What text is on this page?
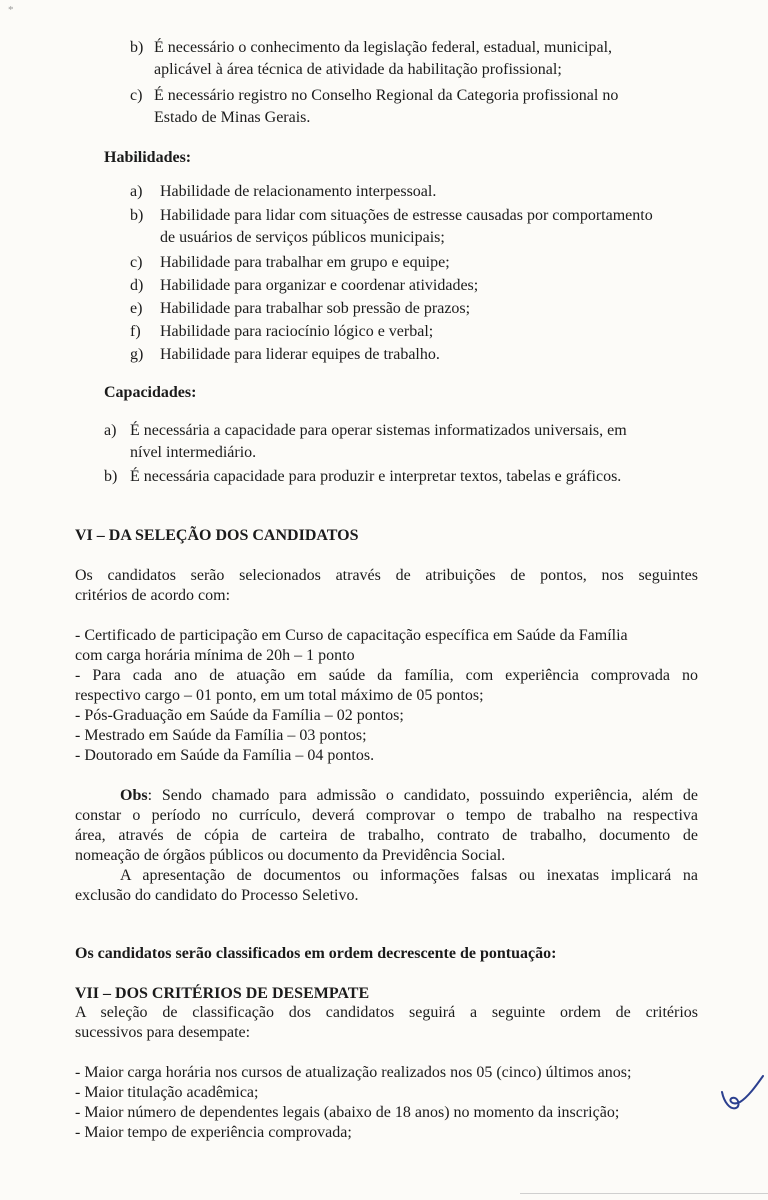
*
b) É necessário o conhecimento da legislação federal, estadual, municipal,
aplicável à área técnica de atividade da habilitação profissional;
c) É necessário registro no Conselho Regional da Categoria profissional no
Estado de Minas Gerais.
Habilidades:
a) Habilidade de relacionamento interpessoal.
b) Habilidade para lidar com situações de estresse causadas por comportamento
de usuários de serviços públicos municipais;
c) Habilidade para trabalhar em grupo e equipe;
d) Habilidade para organizar e coordenar atividades;
e) Habilidade para trabalhar sob pressão de prazos;
f) Habilidade para raciocínio lógico e verbal;
g) Habilidade para liderar equipes de trabalho.
Capacidades:
a) É necessária a capacidade para operar sistemas informatizados universais, em
nível intermediário.
b) É necessária capacidade para produzir e interpretar textos, tabelas e gráficos.
VI – DA SELEÇÃO DOS CANDIDATOS
Os candidatos serão selecionados através de atribuições de pontos, nos seguintes
critérios de acordo com:
- Certificado de participação em Curso de capacitação específica em Saúde da Família
com carga horária mínima de 20h – 1 ponto
- Para cada ano de atuação em saúde da família, com experiência comprovada no
respectivo cargo – 01 ponto, em um total máximo de 05 pontos;
- Pós-Graduação em Saúde da Família – 02 pontos;
- Mestrado em Saúde da Família – 03 pontos;
- Doutorado em Saúde da Família – 04 pontos.
Obs : Sendo chamado para admissão o candidato, possuindo experiência, além de
constar o período no currículo, deverá comprovar o tempo de trabalho na respectiva
área, através de cópia de carteira de trabalho, contrato de trabalho, documento de
nomeação de órgãos públicos ou documento da Previdência Social.
A apresentação de documentos ou informações falsas ou inexatas implicará na
exclusão do candidato do Processo Seletivo.
Os candidatos serão classificados em ordem decrescente de pontuação:
VII – DOS CRITÉRIOS DE DESEMPATE
A seleção de classificação dos candidatos seguirá a seguinte ordem de critérios
sucessivos para desempate:
- Maior carga horária nos cursos de atualização realizados nos 05 (cinco) últimos anos;
- Maior titulação acadêmica;
- Maior número de dependentes legais (abaixo de 18 anos) no momento da inscrição;
- Maior tempo de experiência comprovada;
